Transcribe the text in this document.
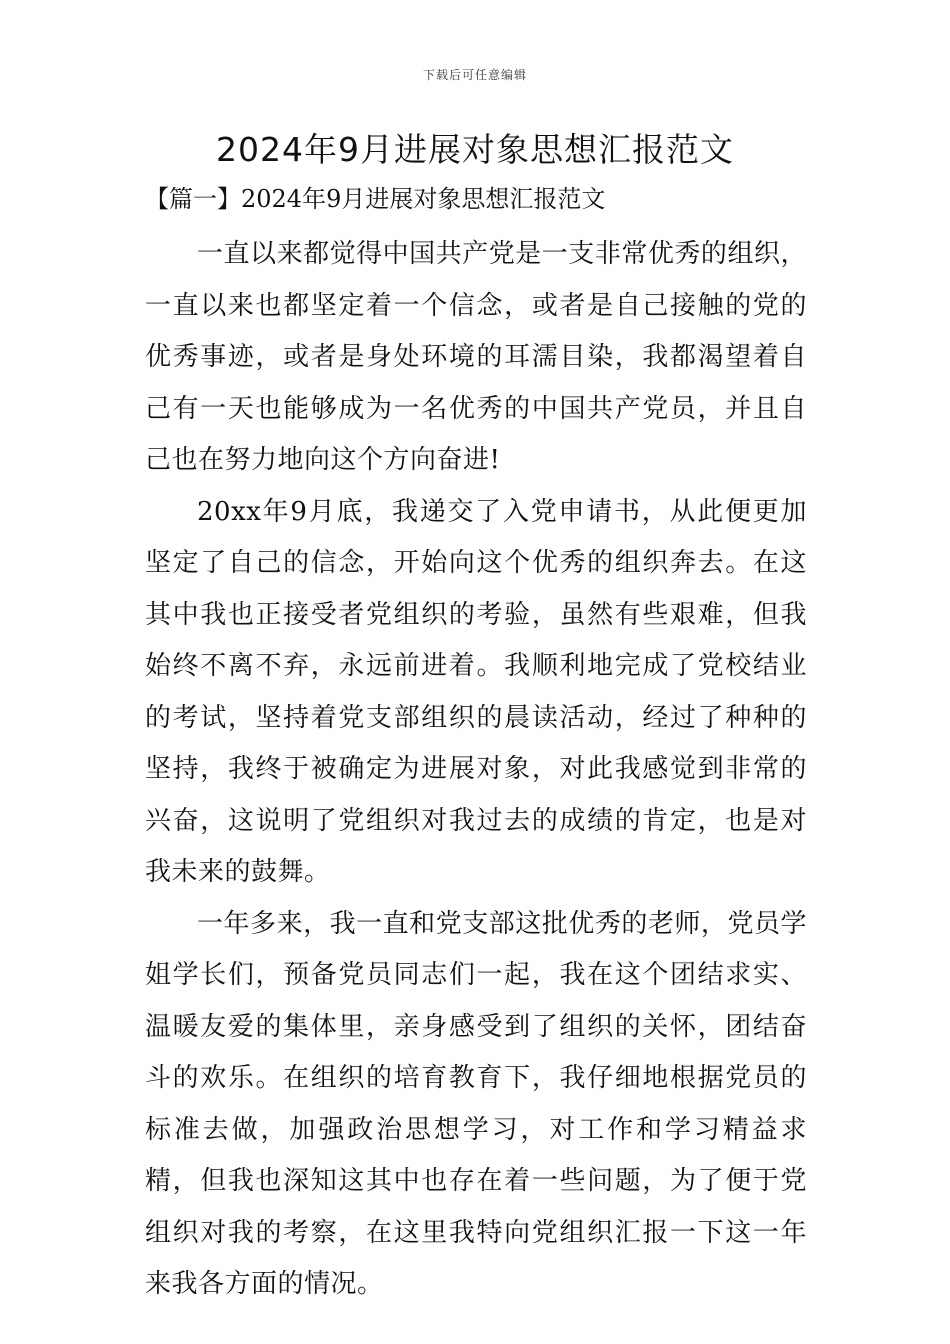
下载后可任意编辑
2024年9月进展对象思想汇报范文
【篇一】2024年9月进展对象思想汇报范文

一直以来都觉得中国共产党是一支非常优秀的组织，一直以来也都坚定着一个信念，或者是自己接触的党的优秀事迹，或者是身处环境的耳濡目染，我都渴望着自己有一天也能够成为一名优秀的中国共产党员，并且自己也在努力地向这个方向奋进!

20xx年9月底，我递交了入党申请书，从此便更加坚定了自己的信念，开始向这个优秀的组织奔去。在这其中我也正接受者党组织的考验，虽然有些艰难，但我始终不离不弃，永远前进着。我顺利地完成了党校结业的考试，坚持着党支部组织的晨读活动，经过了种种的坚持，我终于被确定为进展对象，对此我感觉到非常的兴奋，这说明了党组织对我过去的成绩的肯定，也是对我未来的鼓舞。

一年多来，我一直和党支部这批优秀的老师，党员学姐学长们，预备党员同志们一起，我在这个团结求实、温暖友爱的集体里，亲身感受到了组织的关怀，团结奋斗的欢乐。在组织的培育教育下，我仔细地根据党员的标准去做，加强政治思想学习，对工作和学习精益求精，但我也深知这其中也存在着一些问题，为了便于党组织对我的考察，在这里我特向党组织汇报一下这一年来我各方面的情况。
